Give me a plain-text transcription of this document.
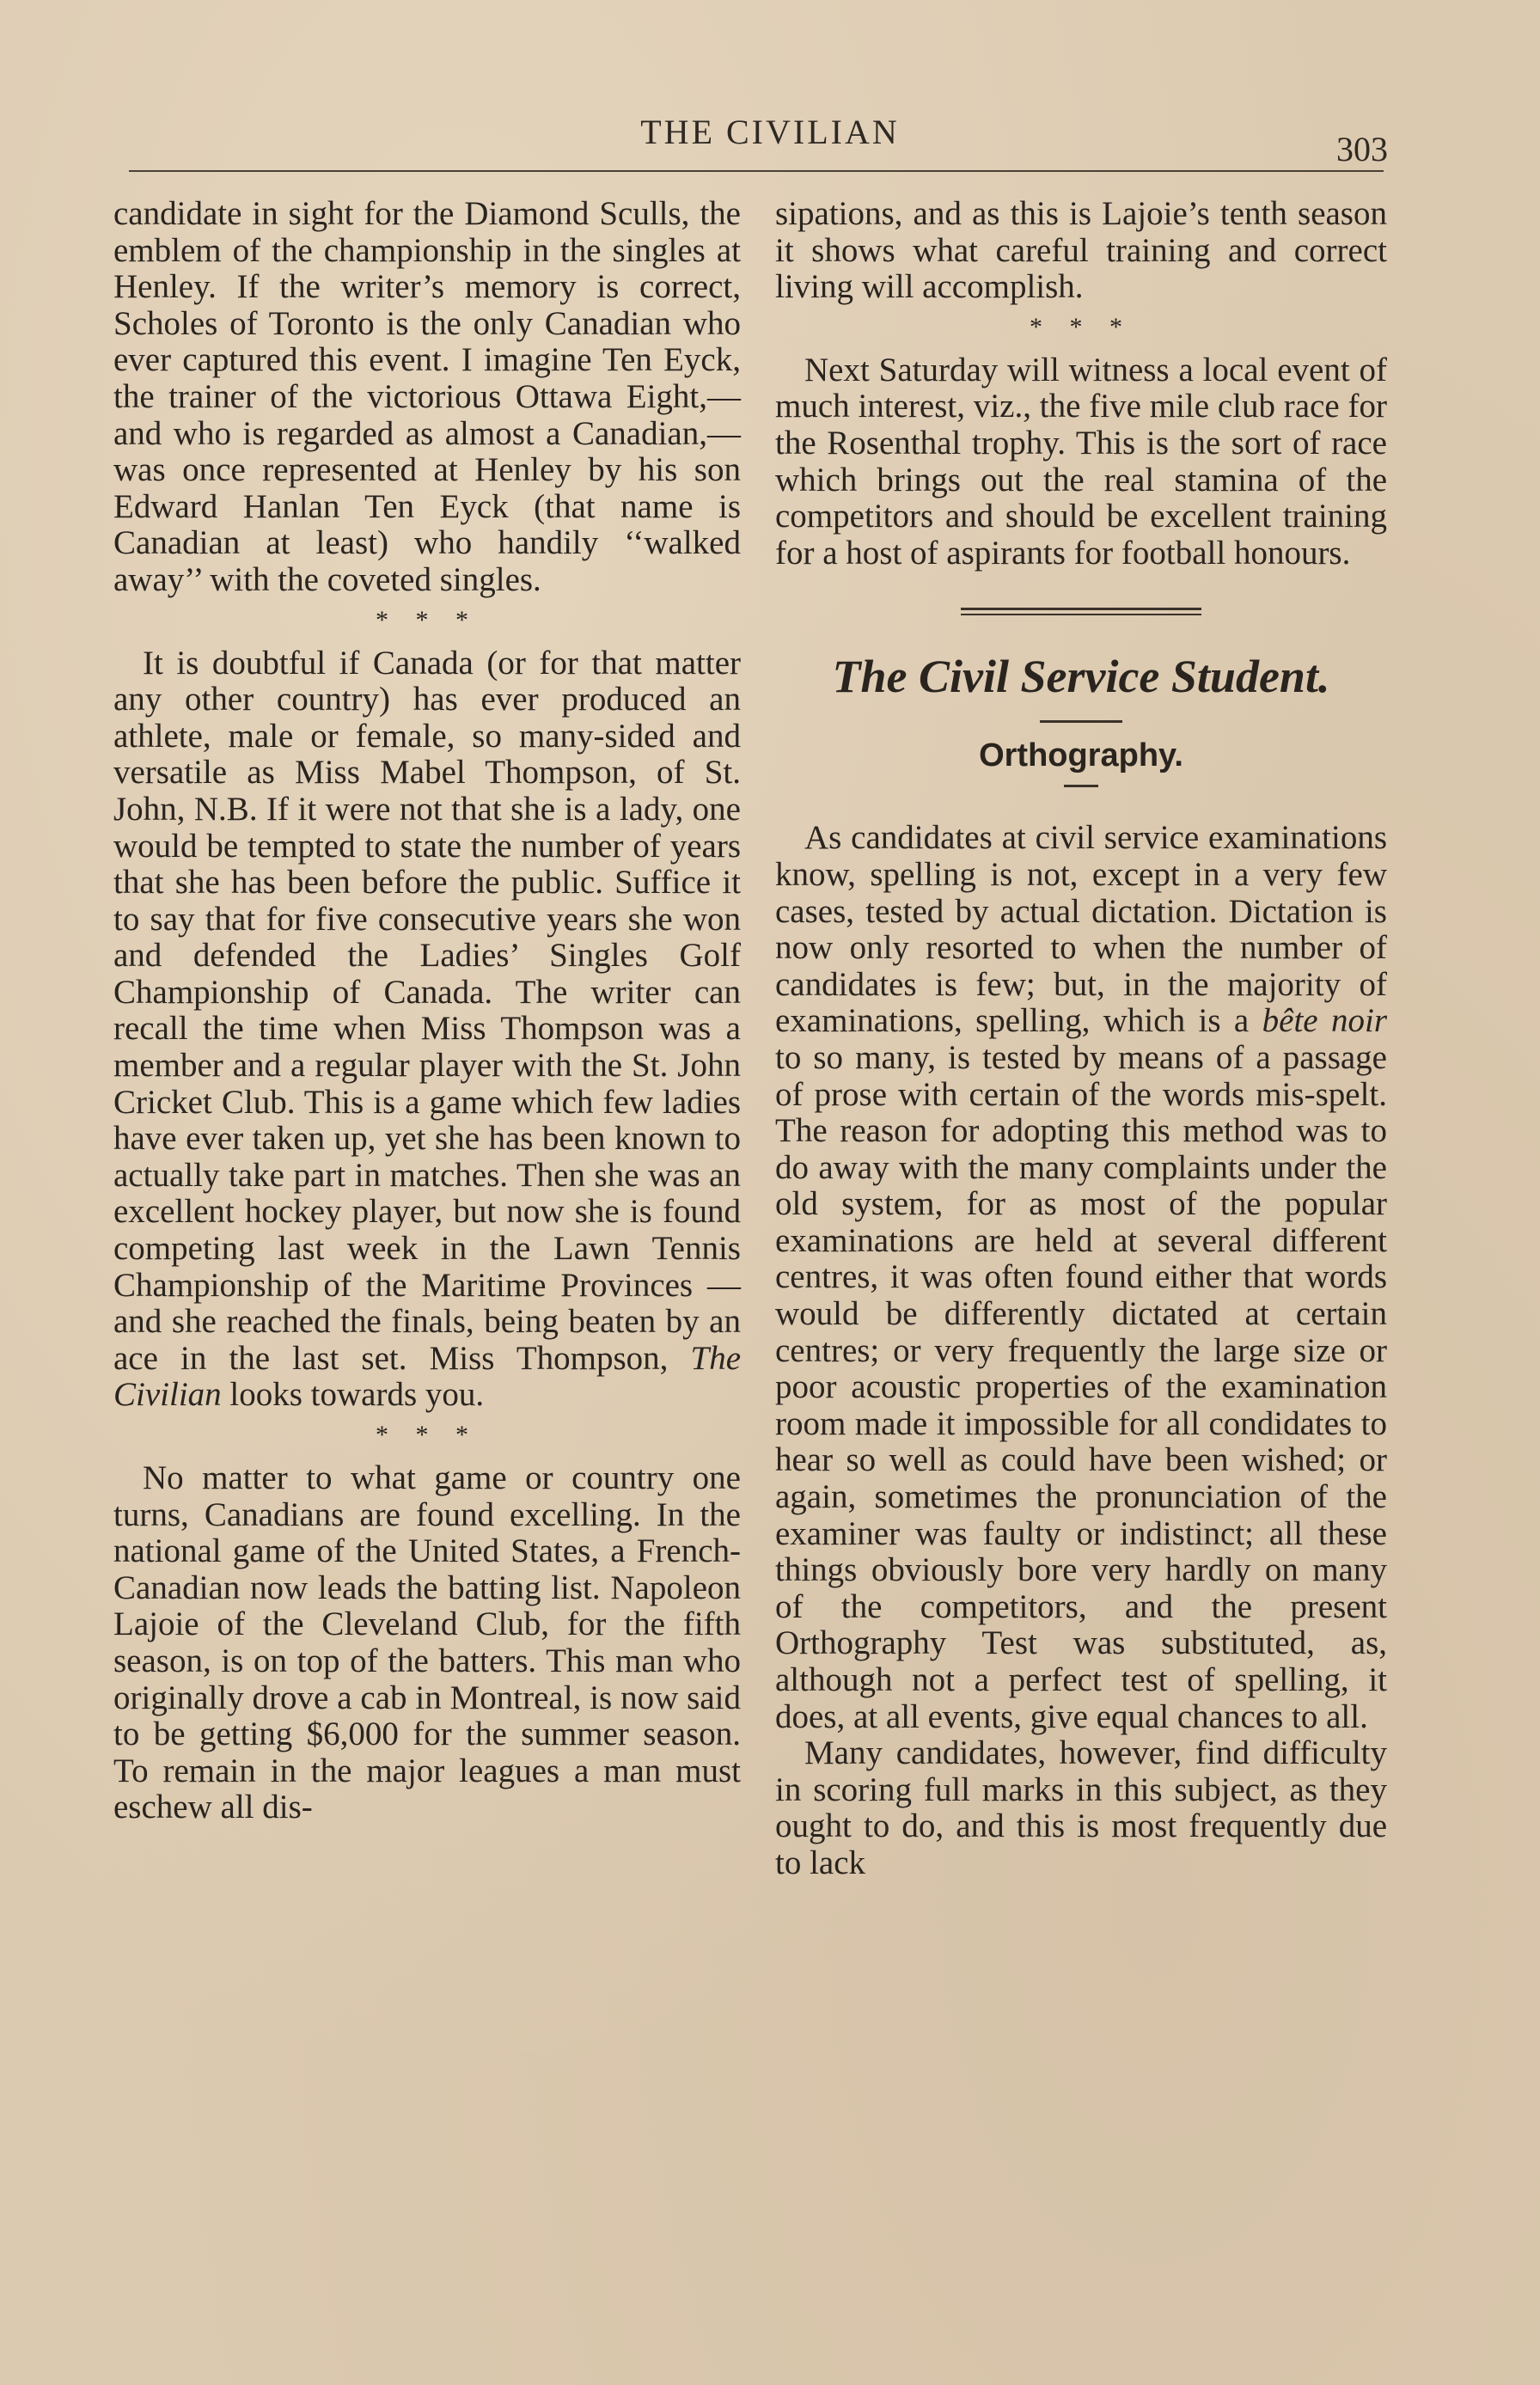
THE CIVILIAN	303

candidate in sight for the Diamond Sculls, the emblem of the championship in the singles at Henley. If the writer’s memory is correct, Scholes of Toronto is the only Canadian who ever captured this event. I imagine Ten Eyck, the trainer of the victorious Ottawa Eight,—and who is regarded as almost a Canadian,—was once represented at Henley by his son Edward Hanlan Ten Eyck (that name is Canadian at least) who handily ‘‘walked away’’ with the coveted singles.

* * *

It is doubtful if Canada (or for that matter any other country) has ever produced an athlete, male or female, so many-sided and versatile as Miss Mabel Thompson, of St. John, N.B. If it were not that she is a lady, one would be tempted to state the number of years that she has been before the public. Suffice it to say that for five consecutive years she won and defended the Ladies’ Singles Golf Championship of Canada. The writer can recall the time when Miss Thompson was a member and a regular player with the St. John Cricket Club. This is a game which few ladies have ever taken up, yet she has been known to actually take part in matches. Then she was an excellent hockey player, but now she is found competing last week in the Lawn Tennis Championship of the Maritime Provinces — and she reached the finals, being beaten by an ace in the last set. Miss Thompson, The Civilian looks towards you.

* * *

No matter to what game or country one turns, Canadians are found excelling. In the national game of the United States, a French-Canadian now leads the batting list. Napoleon Lajoie of the Cleveland Club, for the fifth season, is on top of the batters. This man who originally drove a cab in Montreal, is now said to be getting $6,000 for the summer season. To remain in the major leagues a man must eschew all dis-

sipations, and as this is Lajoie’s tenth season it shows what careful training and correct living will accomplish.

* * *

Next Saturday will witness a local event of much interest, viz., the five mile club race for the Rosenthal trophy. This is the sort of race which brings out the real stamina of the competitors and should be excellent training for a host of aspirants for football honours.

The Civil Service Student.
Orthography.

As candidates at civil service examinations know, spelling is not, except in a very few cases, tested by actual dictation. Dictation is now only resorted to when the number of candidates is few; but, in the majority of examinations, spelling, which is a bête noir to so many, is tested by means of a passage of prose with certain of the words mis-spelt. The reason for adopting this method was to do away with the many complaints under the old system, for as most of the popular examinations are held at several different centres, it was often found either that words would be differently dictated at certain centres; or very frequently the large size or poor acoustic properties of the examination room made it impossible for all condidates to hear so well as could have been wished; or again, sometimes the pronunciation of the examiner was faulty or indistinct; all these things obviously bore very hardly on many of the competitors, and the present Orthography Test was substituted, as, although not a perfect test of spelling, it does, at all events, give equal chances to all.

Many candidates, however, find difficulty in scoring full marks in this subject, as they ought to do, and this is most frequently due to lack
